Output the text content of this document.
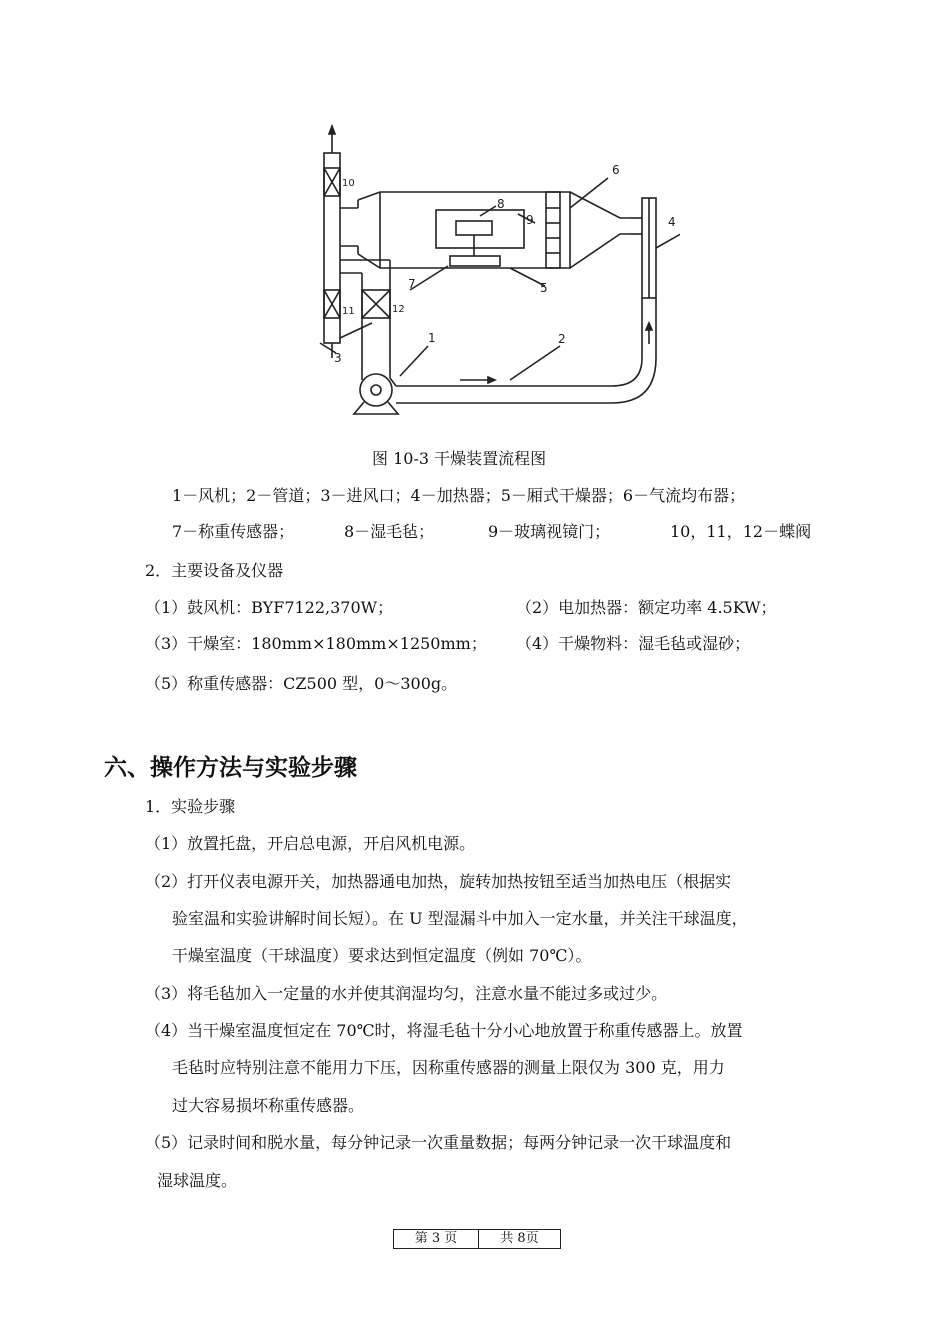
1	2
3
4
5
6
7
8
9
10
11	12
图 10-3 干燥装置流程图
1－风机；2－管道；3－进风口；4－加热器；5－厢式干燥器；6－气流均布器；
7－称重传感器；	8－湿毛毡；	9－玻璃视镜门；	10，11，12－蝶阀
2．主要设备及仪器
（1）鼓风机：BYF7122,370W；	（2）电加热器：额定功率 4.5KW；
（3）干燥室：180mm×180mm×1250mm； （4）干燥物料：湿毛毡或湿砂；
（5）称重传感器：CZ500 型，0～300g。
六、操作方法与实验步骤
1．实验步骤
（1）放置托盘，开启总电源，开启风机电源。
（2）打开仪表电源开关，加热器通电加热，旋转加热按钮至适当加热电压（根据实
验室温和实验讲解时间长短）。在 U 型湿漏斗中加入一定水量，并关注干球温度，
干燥室温度（干球温度）要求达到恒定温度（例如 70℃）。
（3）将毛毡加入一定量的水并使其润湿均匀，注意水量不能过多或过少。
（4）当干燥室温度恒定在 70℃时，将湿毛毡十分小心地放置于称重传感器上。放置
毛毡时应特别注意不能用力下压，因称重传感器的测量上限仅为 300 克，用力
过大容易损坏称重传感器。
（5）记录时间和脱水量，每分钟记录一次重量数据；每两分钟记录一次干球温度和
湿球温度。
第 3 页	共 8页
